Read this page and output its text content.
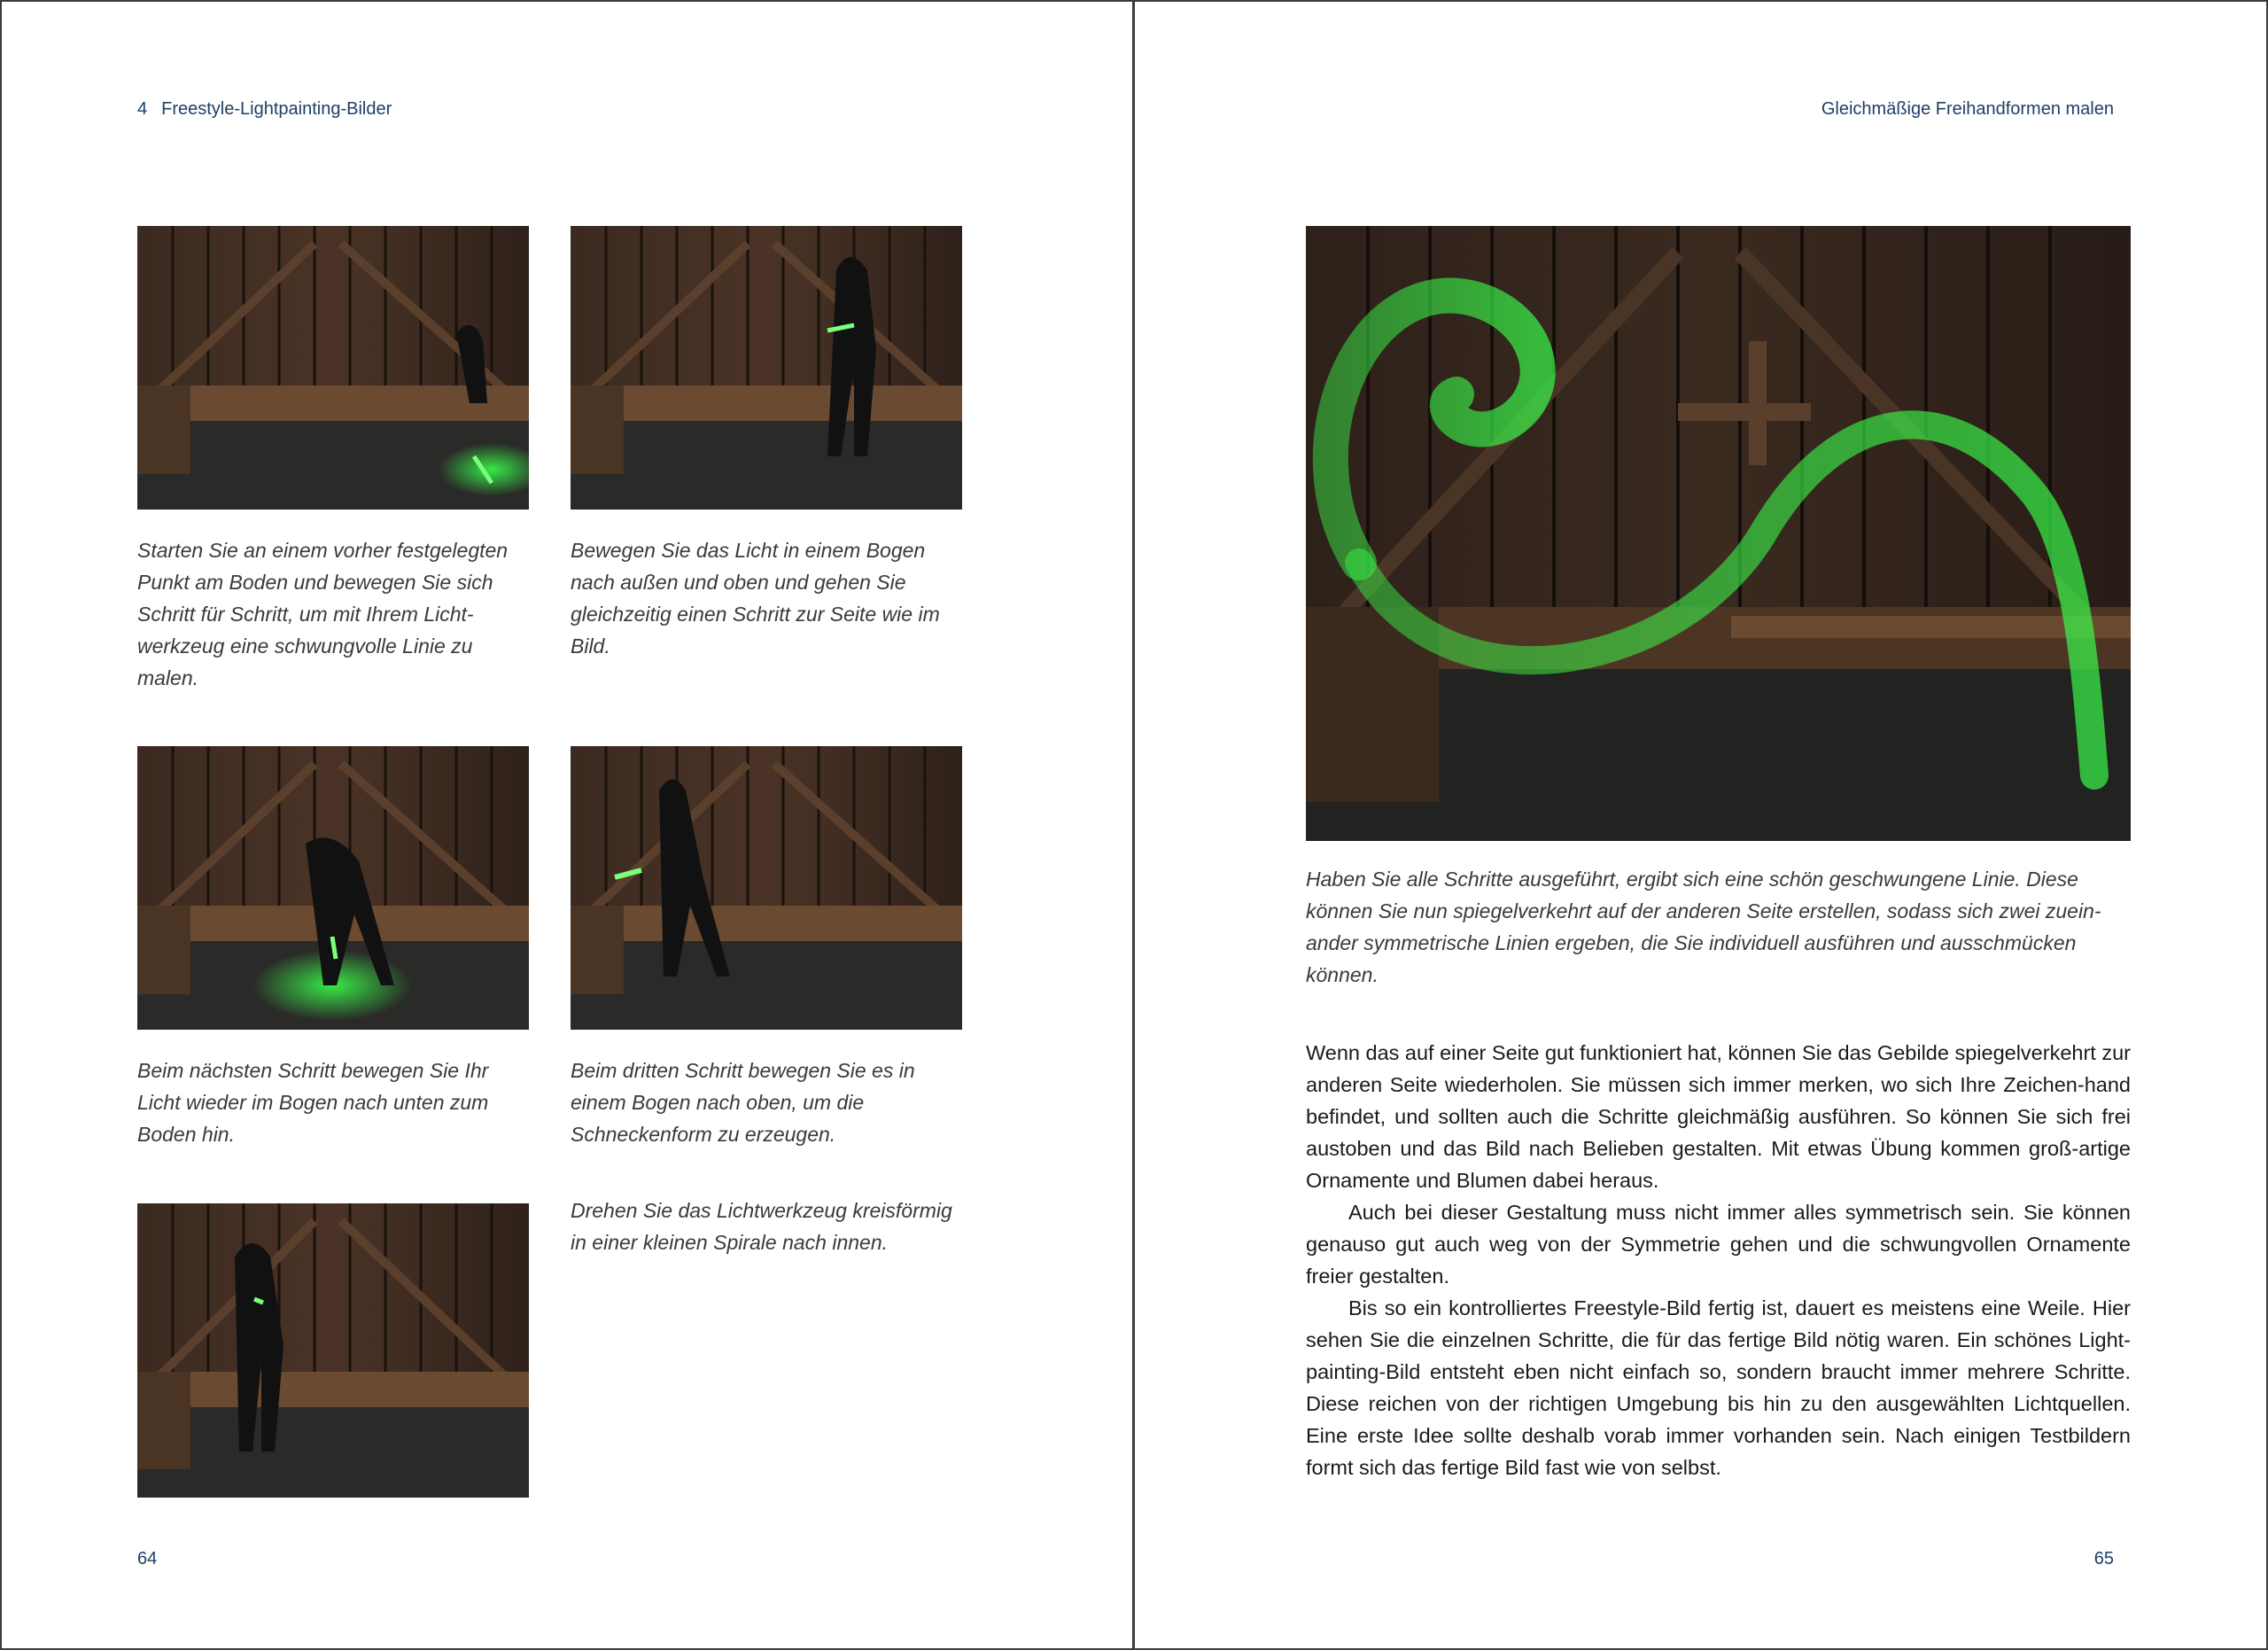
4 Freestyle-Lightpainting-Bilder
Starten Sie an einem vorher festgelegten Punkt am Boden und bewegen Sie sich Schritt für Schritt, um mit Ihrem Licht-werkzeug eine schwungvolle Linie zu malen.
Bewegen Sie das Licht in einem Bogen nach außen und oben und gehen Sie gleichzeitig einen Schritt zur Seite wie im Bild.
Beim nächsten Schritt bewegen Sie Ihr Licht wieder im Bogen nach unten zum Boden hin.
Beim dritten Schritt bewegen Sie es in einem Bogen nach oben, um die Schneckenform zu erzeugen.
Drehen Sie das Lichtwerkzeug kreisförmig in einer kleinen Spirale nach innen.
64
Gleichmäßige Freihandformen malen
Haben Sie alle Schritte ausgeführt, ergibt sich eine schön geschwungene Linie. Diese können Sie nun spiegelverkehrt auf der anderen Seite erstellen, sodass sich zwei zuein-ander symmetrische Linien ergeben, die Sie individuell ausführen und ausschmücken können.

Wenn das auf einer Seite gut funktioniert hat, können Sie das Gebilde spiegelverkehrt zur anderen Seite wiederholen. Sie müssen sich immer merken, wo sich Ihre Zeichen-hand befindet, und sollten auch die Schritte gleichmäßig ausführen. So können Sie sich frei austoben und das Bild nach Belieben gestalten. Mit etwas Übung kommen groß-artige Ornamente und Blumen dabei heraus.

Auch bei dieser Gestaltung muss nicht immer alles symmetrisch sein. Sie können genauso gut auch weg von der Symmetrie gehen und die schwungvollen Ornamente freier gestalten.

Bis so ein kontrolliertes Freestyle-Bild fertig ist, dauert es meistens eine Weile. Hier sehen Sie die einzelnen Schritte, die für das fertige Bild nötig waren. Ein schönes Light-painting-Bild entsteht eben nicht einfach so, sondern braucht immer mehrere Schritte. Diese reichen von der richtigen Umgebung bis hin zu den ausgewählten Lichtquellen. Eine erste Idee sollte deshalb vorab immer vorhanden sein. Nach einigen Testbildern formt sich das fertige Bild fast wie von selbst.

65
